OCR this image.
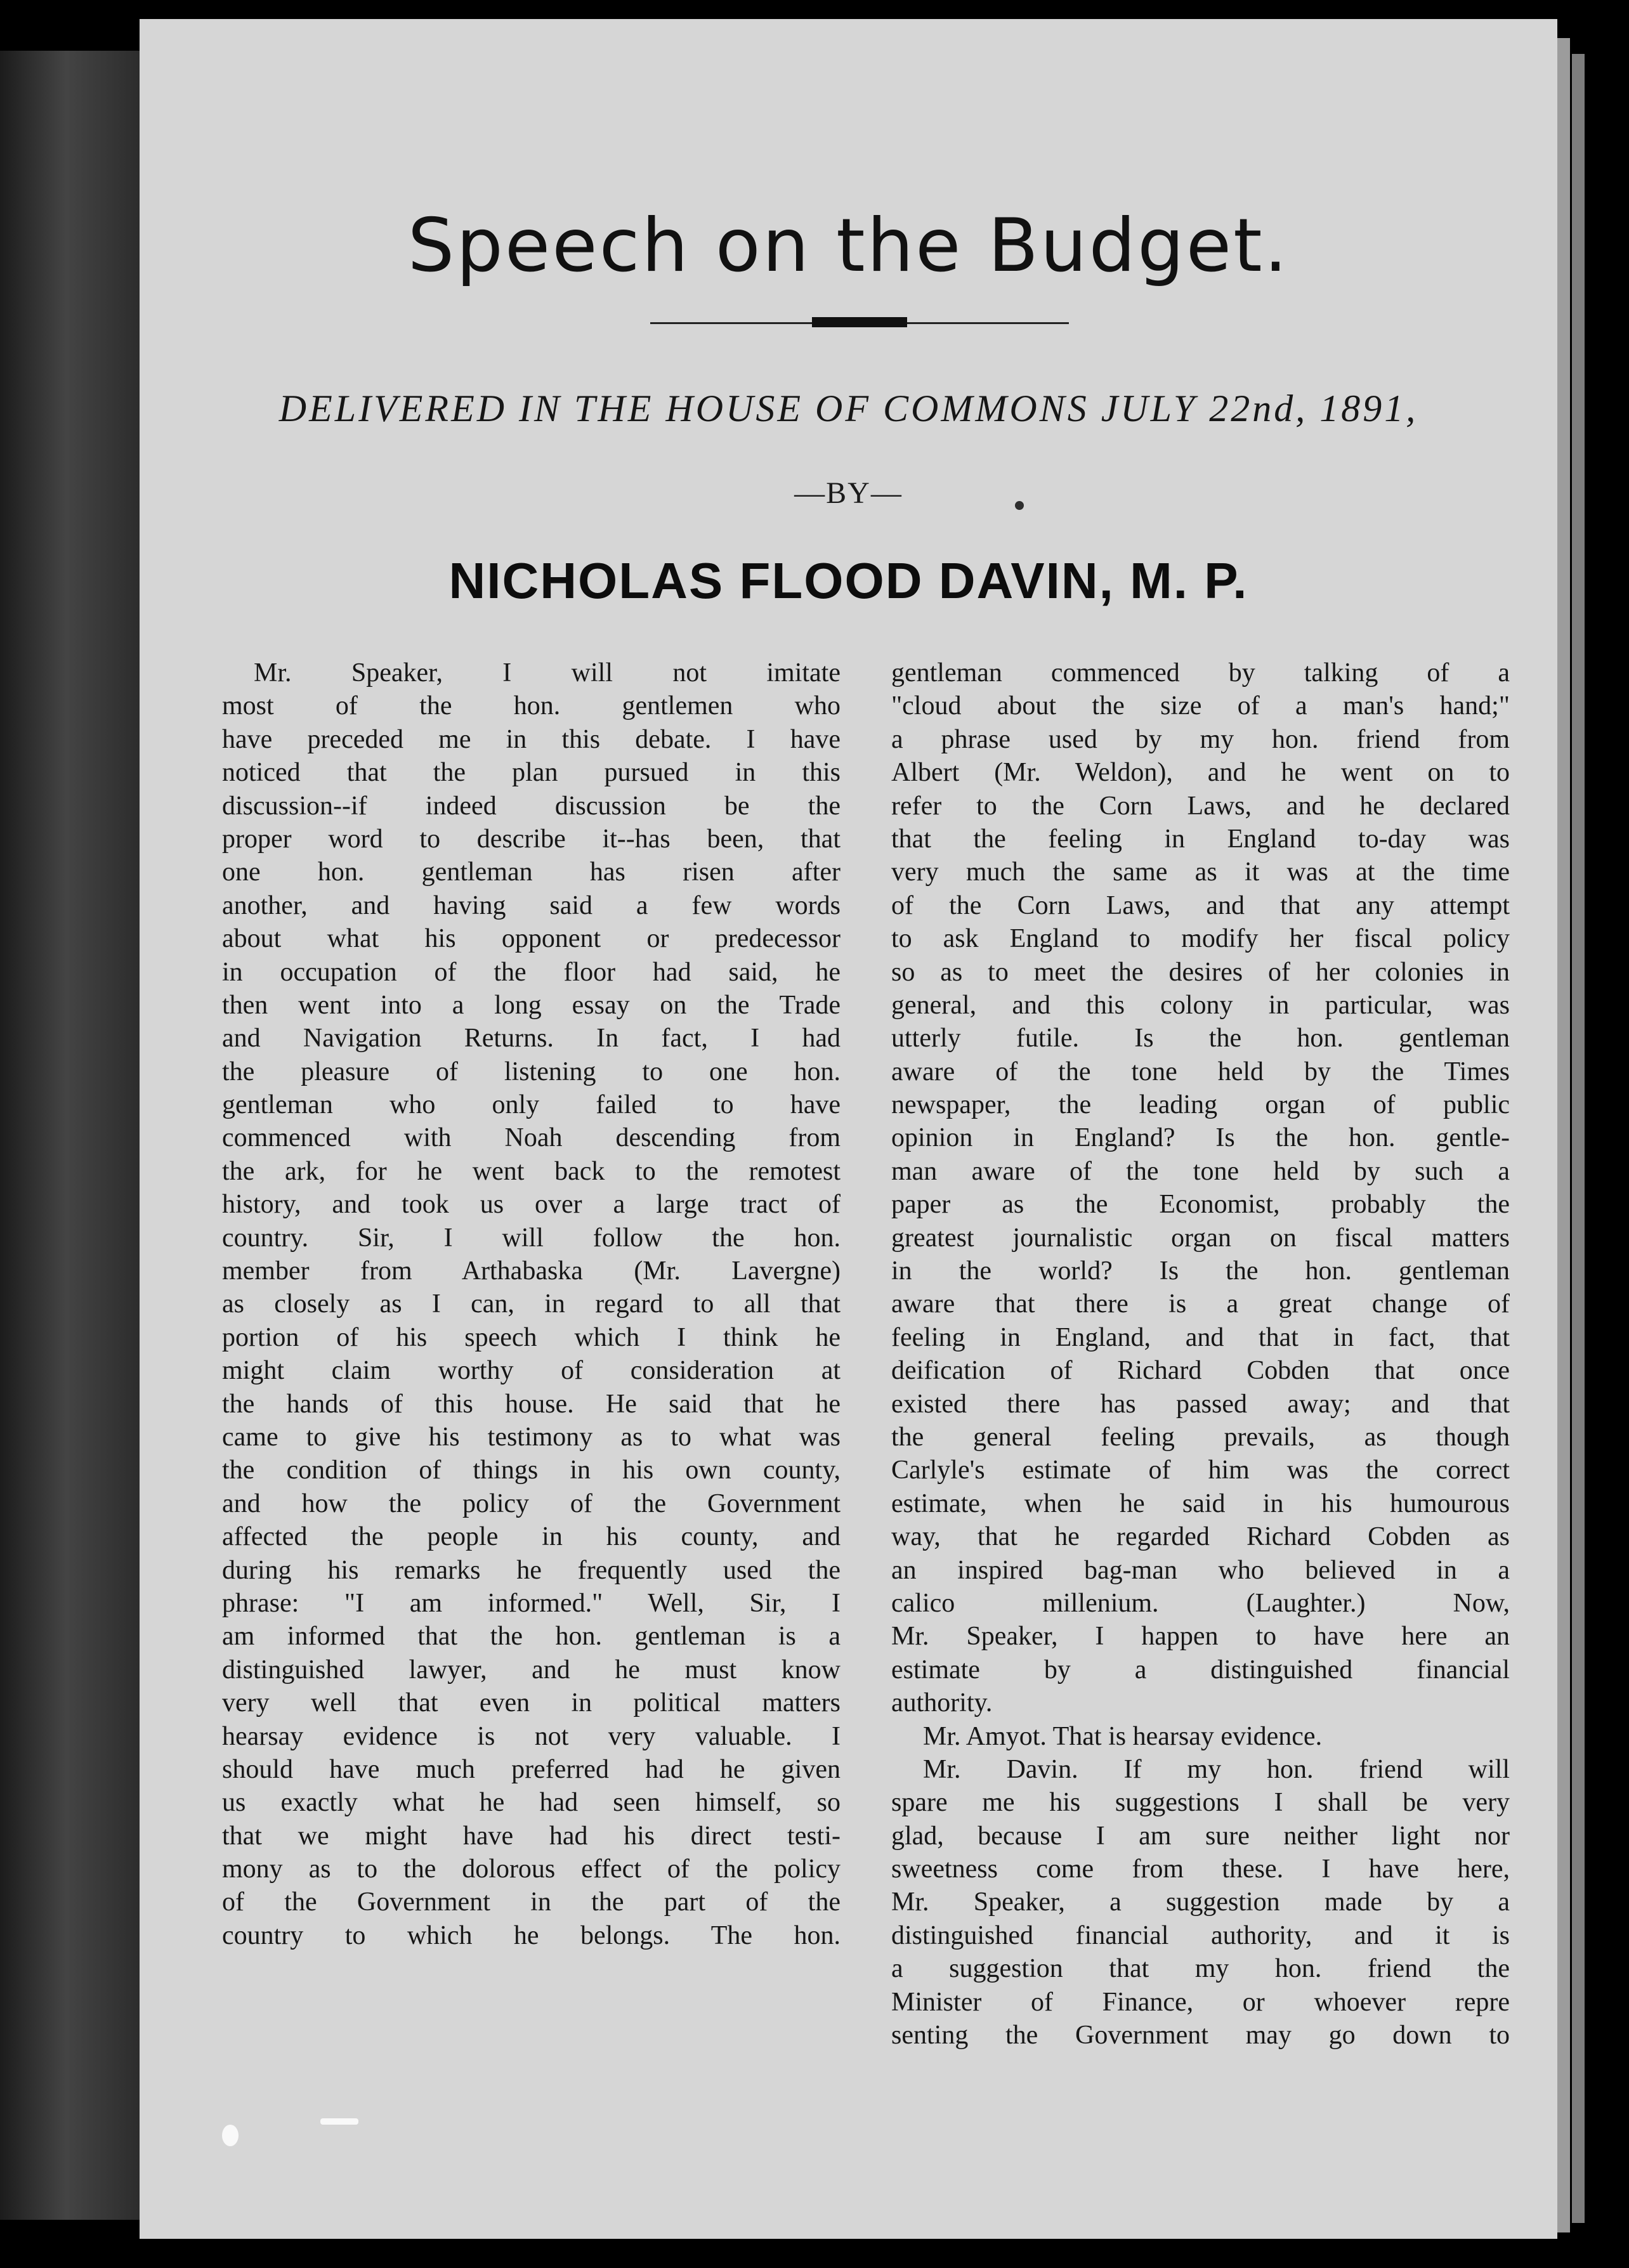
Speech on the Budget.
DELIVERED IN THE HOUSE OF COMMONS JULY 22nd, 1891,
—BY—
NICHOLAS FLOOD DAVIN, M. P.
Mr. Speaker, I will not imitate
most of the hon. gentlemen who
have preceded me in this debate. I have
noticed that the plan pursued in this
discussion--if indeed discussion be the
proper word to describe it--has been, that
one hon. gentleman has risen after
another, and having said a few words
about what his opponent or predecessor
in occupation of the floor had said, he
then went into a long essay on the Trade
and Navigation Returns. In fact, I had
the pleasure of listening to one hon.
gentleman who only failed to have
commenced with Noah descending from
the ark, for he went back to the remotest
history, and took us over a large tract of
country. Sir, I will follow the hon.
member from Arthabaska (Mr. Lavergne)
as closely as I can, in regard to all that
portion of his speech which I think he
might claim worthy of consideration at
the hands of this house. He said that he
came to give his testimony as to what was
the condition of things in his own county,
and how the policy of the Government
affected the people in his county, and
during his remarks he frequently used the
phrase: "I am informed." Well, Sir, I
am informed that the hon. gentleman is a
distinguished lawyer, and he must know
very well that even in political matters
hearsay evidence is not very valuable. I
should have much preferred had he given
us exactly what he had seen himself, so
that we might have had his direct testi-
mony as to the dolorous effect of the policy
of the Government in the part of the
country to which he belongs. The hon.
gentleman commenced by talking of a
"cloud about the size of a man's hand;"
a phrase used by my hon. friend from
Albert (Mr. Weldon), and he went on to
refer to the Corn Laws, and he declared
that the feeling in England to-day was
very much the same as it was at the time
of the Corn Laws, and that any attempt
to ask England to modify her fiscal policy
so as to meet the desires of her colonies in
general, and this colony in particular, was
utterly futile. Is the hon. gentleman
aware of the tone held by the Times
newspaper, the leading organ of public
opinion in England? Is the hon. gentle-
man aware of the tone held by such a
paper as the Economist, probably the
greatest journalistic organ on fiscal matters
in the world? Is the hon. gentleman
aware that there is a great change of
feeling in England, and that in fact, that
deification of Richard Cobden that once
existed there has passed away; and that
the general feeling prevails, as though
Carlyle's estimate of him was the correct
estimate, when he said in his humourous
way, that he regarded Richard Cobden as
an inspired bag-man who believed in a
calico millenium. (Laughter.) Now,
Mr. Speaker, I happen to have here an
estimate by a distinguished financial
authority.
Mr. Amyot. That is hearsay evidence.
Mr. Davin. If my hon. friend will
spare me his suggestions I shall be very
glad, because I am sure neither light nor
sweetness come from these. I have here,
Mr. Speaker, a suggestion made by a
distinguished financial authority, and it is
a suggestion that my hon. friend the
Minister of Finance, or whoever repre
senting the Government may go down to
